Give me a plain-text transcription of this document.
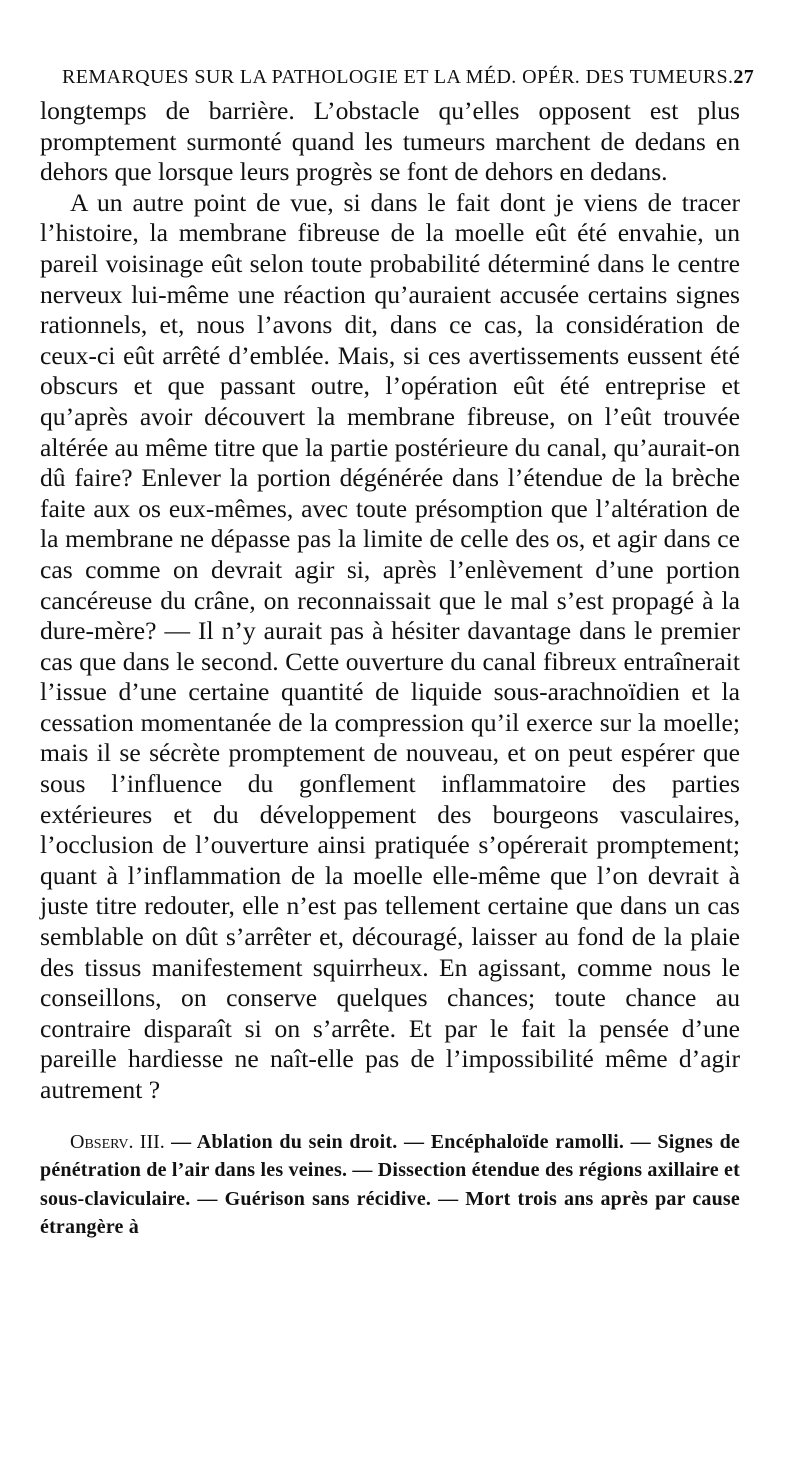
REMARQUES SUR LA PATHOLOGIE ET LA MÉD. OPÉR. DES TUMEURS. 27

longtemps de barrière. L’obstacle qu’elles opposent est plus promptement surmonté quand les tumeurs marchent de dedans en dehors que lorsque leurs progrès se font de dehors en dedans.

A un autre point de vue, si dans le fait dont je viens de tracer l’histoire, la membrane fibreuse de la moelle eût été envahie, un pareil voisinage eût selon toute probabilité déterminé dans le centre nerveux lui-même une réaction qu’auraient accusée certains signes rationnels, et, nous l’avons dit, dans ce cas, la considération de ceux-ci eût arrêté d’emblée. Mais, si ces avertissements eussent été obscurs et que passant outre, l’opération eût été entreprise et qu’après avoir découvert la membrane fibreuse, on l’eût trouvée altérée au même titre que la partie postérieure du canal, qu’aurait-on dû faire? Enlever la portion dégénérée dans l’étendue de la brèche faite aux os eux-mêmes, avec toute présomption que l’altération de la membrane ne dépasse pas la limite de celle des os, et agir dans ce cas comme on devrait agir si, après l’enlèvement d’une portion cancéreuse du crâne, on reconnaissait que le mal s’est propagé à la dure-mère? — Il n’y aurait pas à hésiter davantage dans le premier cas que dans le second. Cette ouverture du canal fibreux entraînerait l’issue d’une certaine quantité de liquide sous-arachnoïdien et la cessation momentanée de la compression qu’il exerce sur la moelle; mais il se sécrète promptement de nouveau, et on peut espérer que sous l’influence du gonflement inflammatoire des parties extérieures et du développement des bourgeons vasculaires, l’occlusion de l’ouverture ainsi pratiquée s’opérerait promptement; quant à l’inflammation de la moelle elle-même que l’on devrait à juste titre redouter, elle n’est pas tellement certaine que dans un cas semblable on dût s’arrêter et, découragé, laisser au fond de la plaie des tissus manifestement squirrheux. En agissant, comme nous le conseillons, on conserve quelques chances; toute chance au contraire disparaît si on s’arrête. Et par le fait la pensée d’une pareille hardiesse ne naît-elle pas de l’impossibilité même d’agir autrement ?

Observ. III. — Ablation du sein droit. — Encéphaloïde ramolli. — Signes de pénétration de l’air dans les veines. — Dissection étendue des régions axillaire et sous-claviculaire. — Guérison sans récidive. — Mort trois ans après par cause étrangère à
